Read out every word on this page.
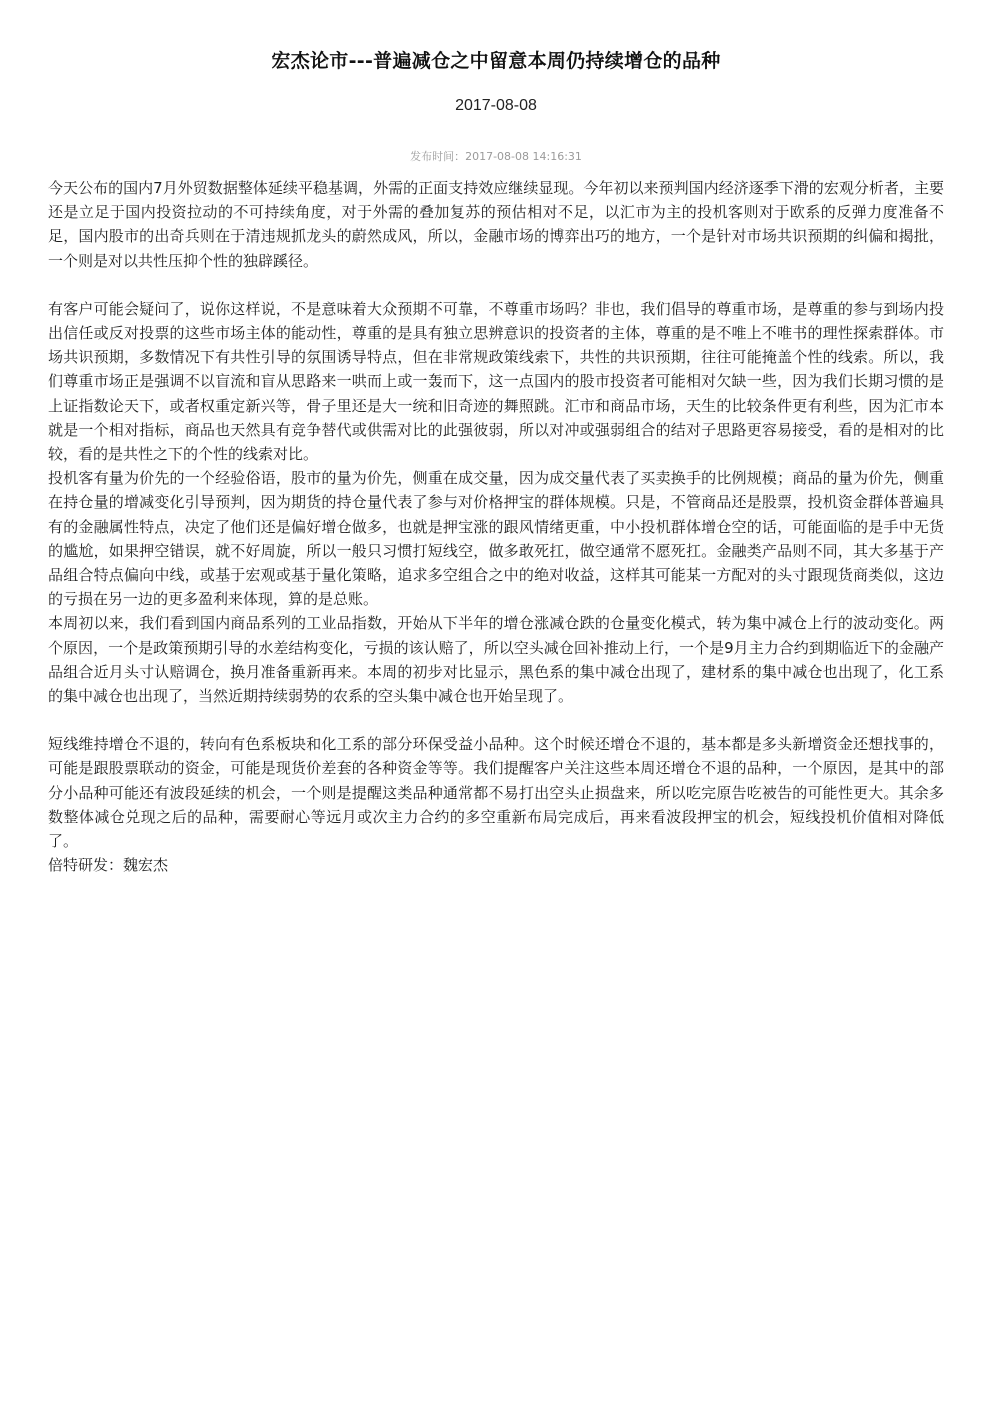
宏杰论市---普遍减仓之中留意本周仍持续增仓的品种
2017-08-08
发布时间：2017-08-08 14:16:31

今天公布的国内7月外贸数据整体延续平稳基调，外需的正面支持效应继续显现。今年初以来预判国内经济逐季下滑的宏观分析者，主要还是立足于国内投资拉动的不可持续角度，对于外需的叠加复苏的预估相对不足，以汇市为主的投机客则对于欧系的反弹力度准备不足，国内股市的出奇兵则在于清违规抓龙头的蔚然成风，所以，金融市场的博弈出巧的地方，一个是针对市场共识预期的纠偏和揭批，一个则是对以共性压抑个性的独辟蹊径。

有客户可能会疑问了，说你这样说，不是意味着大众预期不可靠，不尊重市场吗？非也，我们倡导的尊重市场，是尊重的参与到场内投出信任或反对投票的这些市场主体的能动性，尊重的是具有独立思辨意识的投资者的主体，尊重的是不唯上不唯书的理性探索群体。市场共识预期，多数情况下有共性引导的氛围诱导特点，但在非常规政策线索下，共性的共识预期，往往可能掩盖个性的线索。所以，我们尊重市场正是强调不以盲流和盲从思路来一哄而上或一轰而下，这一点国内的股市投资者可能相对欠缺一些，因为我们长期习惯的是上证指数论天下，或者权重定新兴等，骨子里还是大一统和旧奇迹的舞照跳。汇市和商品市场，天生的比较条件更有利些，因为汇市本就是一个相对指标，商品也天然具有竞争替代或供需对比的此强彼弱，所以对冲或强弱组合的结对子思路更容易接受，看的是相对的比较，看的是共性之下的个性的线索对比。

投机客有量为价先的一个经验俗语，股市的量为价先，侧重在成交量，因为成交量代表了买卖换手的比例规模；商品的量为价先，侧重在持仓量的增减变化引导预判，因为期货的持仓量代表了参与对价格押宝的群体规模。只是，不管商品还是股票，投机资金群体普遍具有的金融属性特点，决定了他们还是偏好增仓做多，也就是押宝涨的跟风情绪更重，中小投机群体增仓空的话，可能面临的是手中无货的尴尬，如果押空错误，就不好周旋，所以一般只习惯打短线空，做多敢死扛，做空通常不愿死扛。金融类产品则不同，其大多基于产品组合特点偏向中线，或基于宏观或基于量化策略，追求多空组合之中的绝对收益，这样其可能某一方配对的头寸跟现货商类似，这边的亏损在另一边的更多盈利来体现，算的是总账。

本周初以来，我们看到国内商品系列的工业品指数，开始从下半年的增仓涨减仓跌的仓量变化模式，转为集中减仓上行的波动变化。两个原因，一个是政策预期引导的水差结构变化，亏损的该认赔了，所以空头减仓回补推动上行，一个是9月主力合约到期临近下的金融产品组合近月头寸认赔调仓，换月准备重新再来。本周的初步对比显示，黑色系的集中减仓出现了，建材系的集中减仓也出现了，化工系的集中减仓也出现了，当然近期持续弱势的农系的空头集中减仓也开始呈现了。

短线维持增仓不退的，转向有色系板块和化工系的部分环保受益小品种。这个时候还增仓不退的，基本都是多头新增资金还想找事的，可能是跟股票联动的资金，可能是现货价差套的各种资金等等。我们提醒客户关注这些本周还增仓不退的品种，一个原因，是其中的部分小品种可能还有波段延续的机会，一个则是提醒这类品种通常都不易打出空头止损盘来，所以吃完原告吃被告的可能性更大。其余多数整体减仓兑现之后的品种，需要耐心等远月或次主力合约的多空重新布局完成后，再来看波段押宝的机会，短线投机价值相对降低了。

倍特研发：魏宏杰
